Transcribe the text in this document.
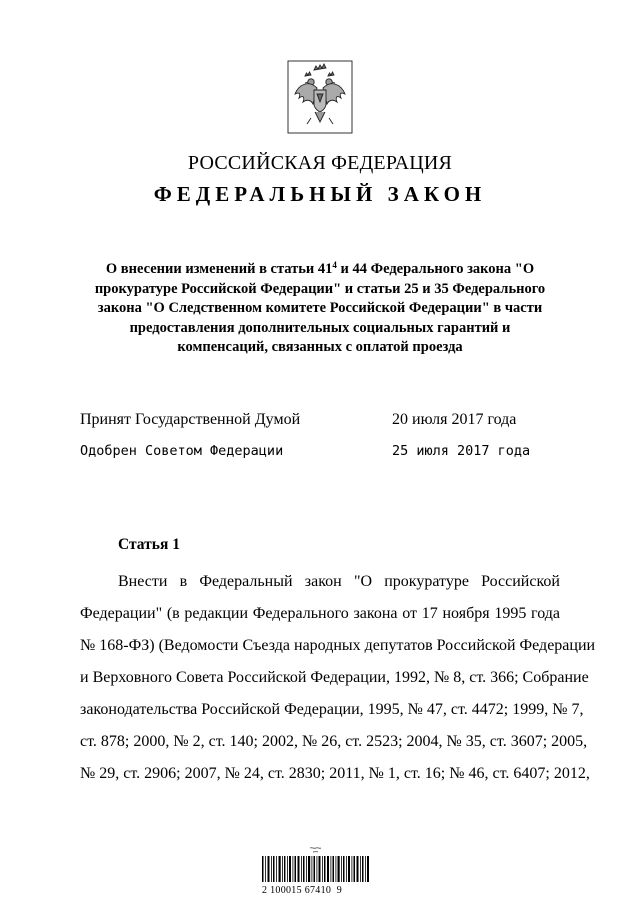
РОССИЙСКАЯ ФЕДЕРАЦИЯ
ФЕДЕРАЛЬНЫЙ ЗАКОН
О внесении изменений в статьи $41^4$ и 44 Федерального закона "О прокуратуре Российской Федерации" и статьи 25 и 35 Федерального закона "О Следственном комитете Российской Федерации" в части предоставления дополнительных социальных гарантий и компенсаций, связанных с оплатой проезда
Принят Государственной Думой	20 июля 2017 года
Одобрен Советом Федерации	25 июля 2017 года
Статья 1
Внести в Федеральный закон "О прокуратуре Российской
Федерации" (в редакции Федерального закона от 17 ноября 1995 года
№ 168-ФЗ) (Ведомости Съезда народных депутатов Российской Федерации
и Верховного Совета Российской Федерации, 1992, № 8, ст. 366; Собрание
законодательства Российской Федерации, 1995, № 47, ст. 4472; 1999, № 7,
ст. 878; 2000, № 2, ст. 140; 2002, № 26, ст. 2523; 2004, № 35, ст. 3607; 2005,
№ 29, ст. 2906; 2007, № 24, ст. 2830; 2011, № 1, ст. 16; № 46, ст. 6407; 2012,
2 100015 67410  9
